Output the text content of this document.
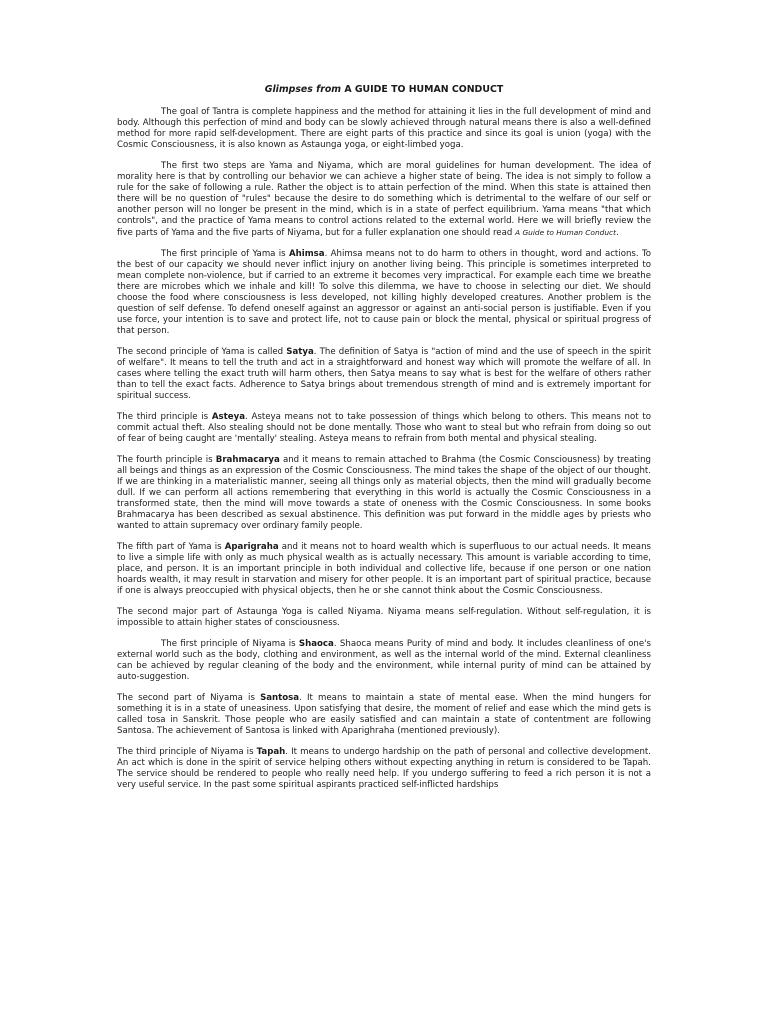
Glimpses from A GUIDE TO HUMAN CONDUCT

The goal of Tantra is complete happiness and the method for attaining it lies in the full development of mind and body. Although this perfection of mind and body can be slowly achieved through natural means there is also a well-defined method for more rapid self-development. There are eight parts of this practice and since its goal is union (yoga) with the Cosmic Consciousness, it is also known as Astaunga yoga, or eight-limbed yoga.

The first two steps are Yama and Niyama, which are moral guidelines for human development. The idea of morality here is that by controlling our behavior we can achieve a higher state of being. The idea is not simply to follow a rule for the sake of following a rule. Rather the object is to attain perfection of the mind. When this state is attained then there will be no question of "rules" because the desire to do something which is detrimental to the welfare of our self or another person will no longer be present in the mind, which is in a state of perfect equilibrium. Yama means "that which controls", and the practice of Yama means to control actions related to the external world. Here we will briefly review the five parts of Yama and the five parts of Niyama, but for a fuller explanation one should read A Guide to Human Conduct.

The first principle of Yama is Ahimsa. Ahimsa means not to do harm to others in thought, word and actions. To the best of our capacity we should never inflict injury on another living being. This principle is sometimes interpreted to mean complete non-violence, but if carried to an extreme it becomes very impractical. For example each time we breathe there are microbes which we inhale and kill! To solve this dilemma, we have to choose in selecting our diet. We should choose the food where consciousness is less developed, not killing highly developed creatures. Another problem is the question of self defense. To defend oneself against an aggressor or against an anti-social person is justifiable. Even if you use force, your intention is to save and protect life, not to cause pain or block the mental, physical or spiritual progress of that person.

The second principle of Yama is called Satya. The definition of Satya is "action of mind and the use of speech in the spirit of welfare". It means to tell the truth and act in a straightforward and honest way which will promote the welfare of all. In cases where telling the exact truth will harm others, then Satya means to say what is best for the welfare of others rather than to tell the exact facts. Adherence to Satya brings about tremendous strength of mind and is extremely important for spiritual success.

The third principle is Asteya. Asteya means not to take possession of things which belong to others. This means not to commit actual theft. Also stealing should not be done mentally. Those who want to steal but who refrain from doing so out of fear of being caught are 'mentally' stealing. Asteya means to refrain from both mental and physical stealing.

The fourth principle is Brahmacarya and it means to remain attached to Brahma (the Cosmic Consciousness) by treating all beings and things as an expression of the Cosmic Consciousness. The mind takes the shape of the object of our thought. If we are thinking in a materialistic manner, seeing all things only as material objects, then the mind will gradually become dull. If we can perform all actions remembering that everything in this world is actually the Cosmic Consciousness in a transformed state, then the mind will move towards a state of oneness with the Cosmic Consciousness. In some books Brahmacarya has been described as sexual abstinence. This definition was put forward in the middle ages by priests who wanted to attain supremacy over ordinary family people.

The fifth part of Yama is Aparigraha and it means not to hoard wealth which is superfluous to our actual needs. It means to live a simple life with only as much physical wealth as is actually necessary. This amount is variable according to time, place, and person. It is an important principle in both individual and collective life, because if one person or one nation hoards wealth, it may result in starvation and misery for other people. It is an important part of spiritual practice, because if one is always preoccupied with physical objects, then he or she cannot think about the Cosmic Consciousness.

The second major part of Astaunga Yoga is called Niyama. Niyama means self-regulation. Without self-regulation, it is impossible to attain higher states of consciousness.

The first principle of Niyama is Shaoca. Shaoca means Purity of mind and body. It includes cleanliness of one's external world such as the body, clothing and environment, as well as the internal world of the mind. External cleanliness can be achieved by regular cleaning of the body and the environment, while internal purity of mind can be attained by auto-suggestion.

The second part of Niyama is Santosa. It means to maintain a state of mental ease. When the mind hungers for something it is in a state of uneasiness. Upon satisfying that desire, the moment of relief and ease which the mind gets is called tosa in Sanskrit. Those people who are easily satisfied and can maintain a state of contentment are following Santosa. The achievement of Santosa is linked with Aparighraha (mentioned previously).

The third principle of Niyama is Tapah. It means to undergo hardship on the path of personal and collective development. An act which is done in the spirit of service helping others without expecting anything in return is considered to be Tapah. The service should be rendered to people who really need help. If you undergo suffering to feed a rich person it is not a very useful service. In the past some spiritual aspirants practiced self-inflicted hardships
